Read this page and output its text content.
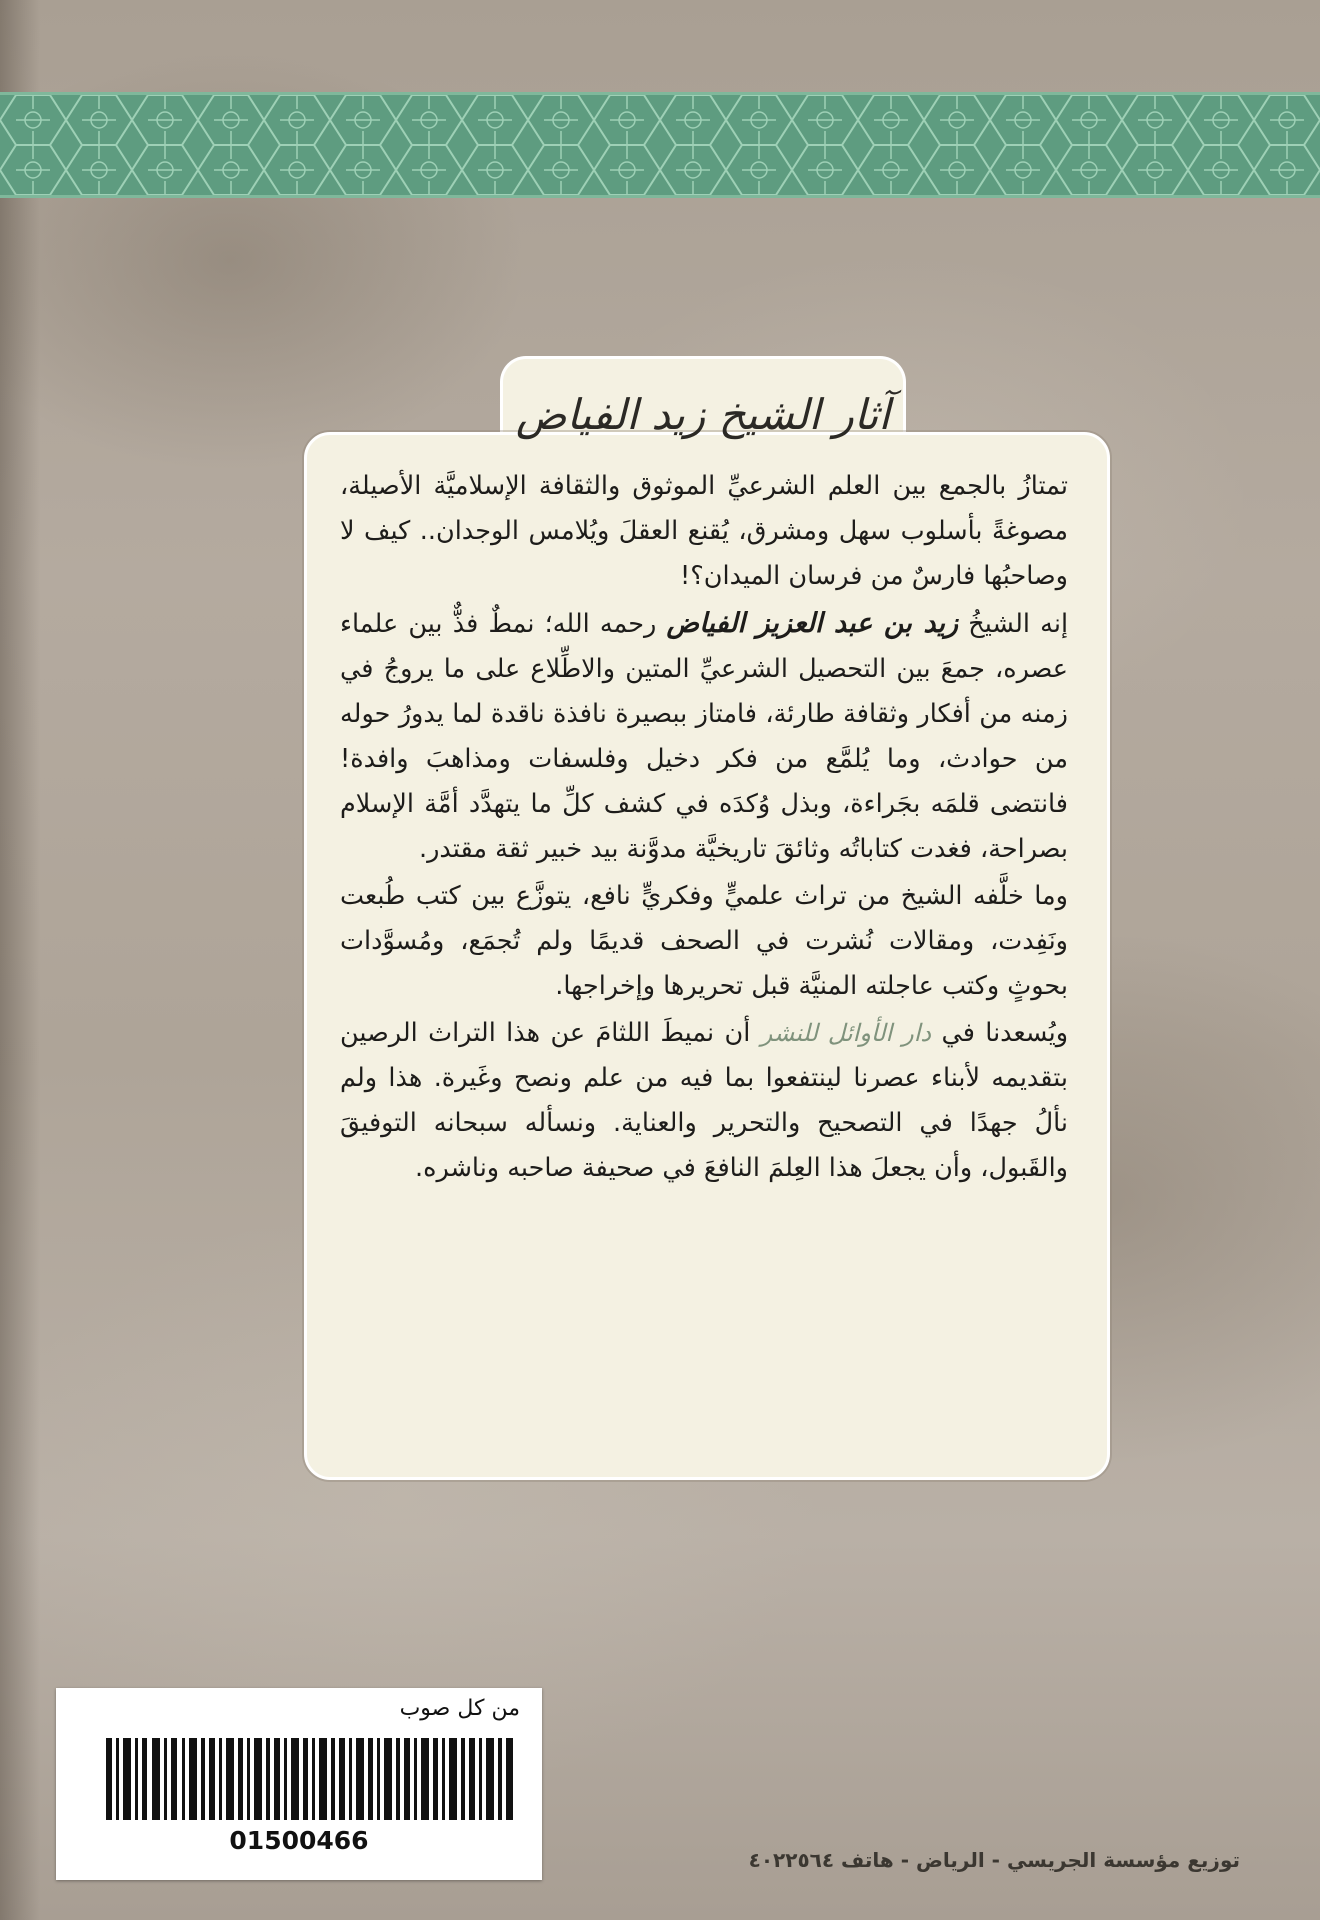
آثار الشيخ زيد الفياض

تمتازُ بالجمع بين العلم الشرعيِّ الموثوق والثقافة الإسلاميَّة الأصيلة، مصوغةً بأسلوب سهل ومشرق، يُقنع العقلَ ويُلامس الوجدان.. كيف لا وصاحبُها فارسٌ من فرسان الميدان؟!

إنه الشيخُ زيد بن عبد العزيز الفياض رحمه الله؛ نمطٌ فذٌّ بين علماء عصره، جمعَ بين التحصيل الشرعيِّ المتين والاطِّلاع على ما يروجُ في زمنه من أفكار وثقافة طارئة، فامتاز ببصيرة نافذة ناقدة لما يدورُ حوله من حوادث، وما يُلمَّع من فكر دخيل وفلسفات ومذاهبَ وافدة! فانتضى قلمَه بجَراءة، وبذل وُكدَه في كشف كلِّ ما يتهدَّد أمَّة الإسلام بصراحة، فغدت كتاباتُه وثائقَ تاريخيَّة مدوَّنة بيد خبير ثقة مقتدر.

وما خلَّفه الشيخ من تراث علميٍّ وفكريٍّ نافع، يتوزَّع بين كتب طُبعت ونَفِدت، ومقالات نُشرت في الصحف قديمًا ولم تُجمَع، ومُسوَّدات بحوثٍ وكتب عاجلته المنيَّة قبل تحريرها وإخراجها.

ويُسعدنا في دار الأوائل للنشر أن نميطَ اللثامَ عن هذا التراث الرصين بتقديمه لأبناء عصرنا لينتفعوا بما فيه من علم ونصح وغَيرة. هذا ولم نألُ جهدًا في التصحيح والتحرير والعناية. ونسأله سبحانه التوفيقَ والقَبول، وأن يجعلَ هذا العِلمَ النافعَ في صحيفة صاحبه وناشره.

من كل صوب
01500466
توزيع مؤسسة الجريسي - الرياض - هاتف ٤٠٢٢٥٦٤
